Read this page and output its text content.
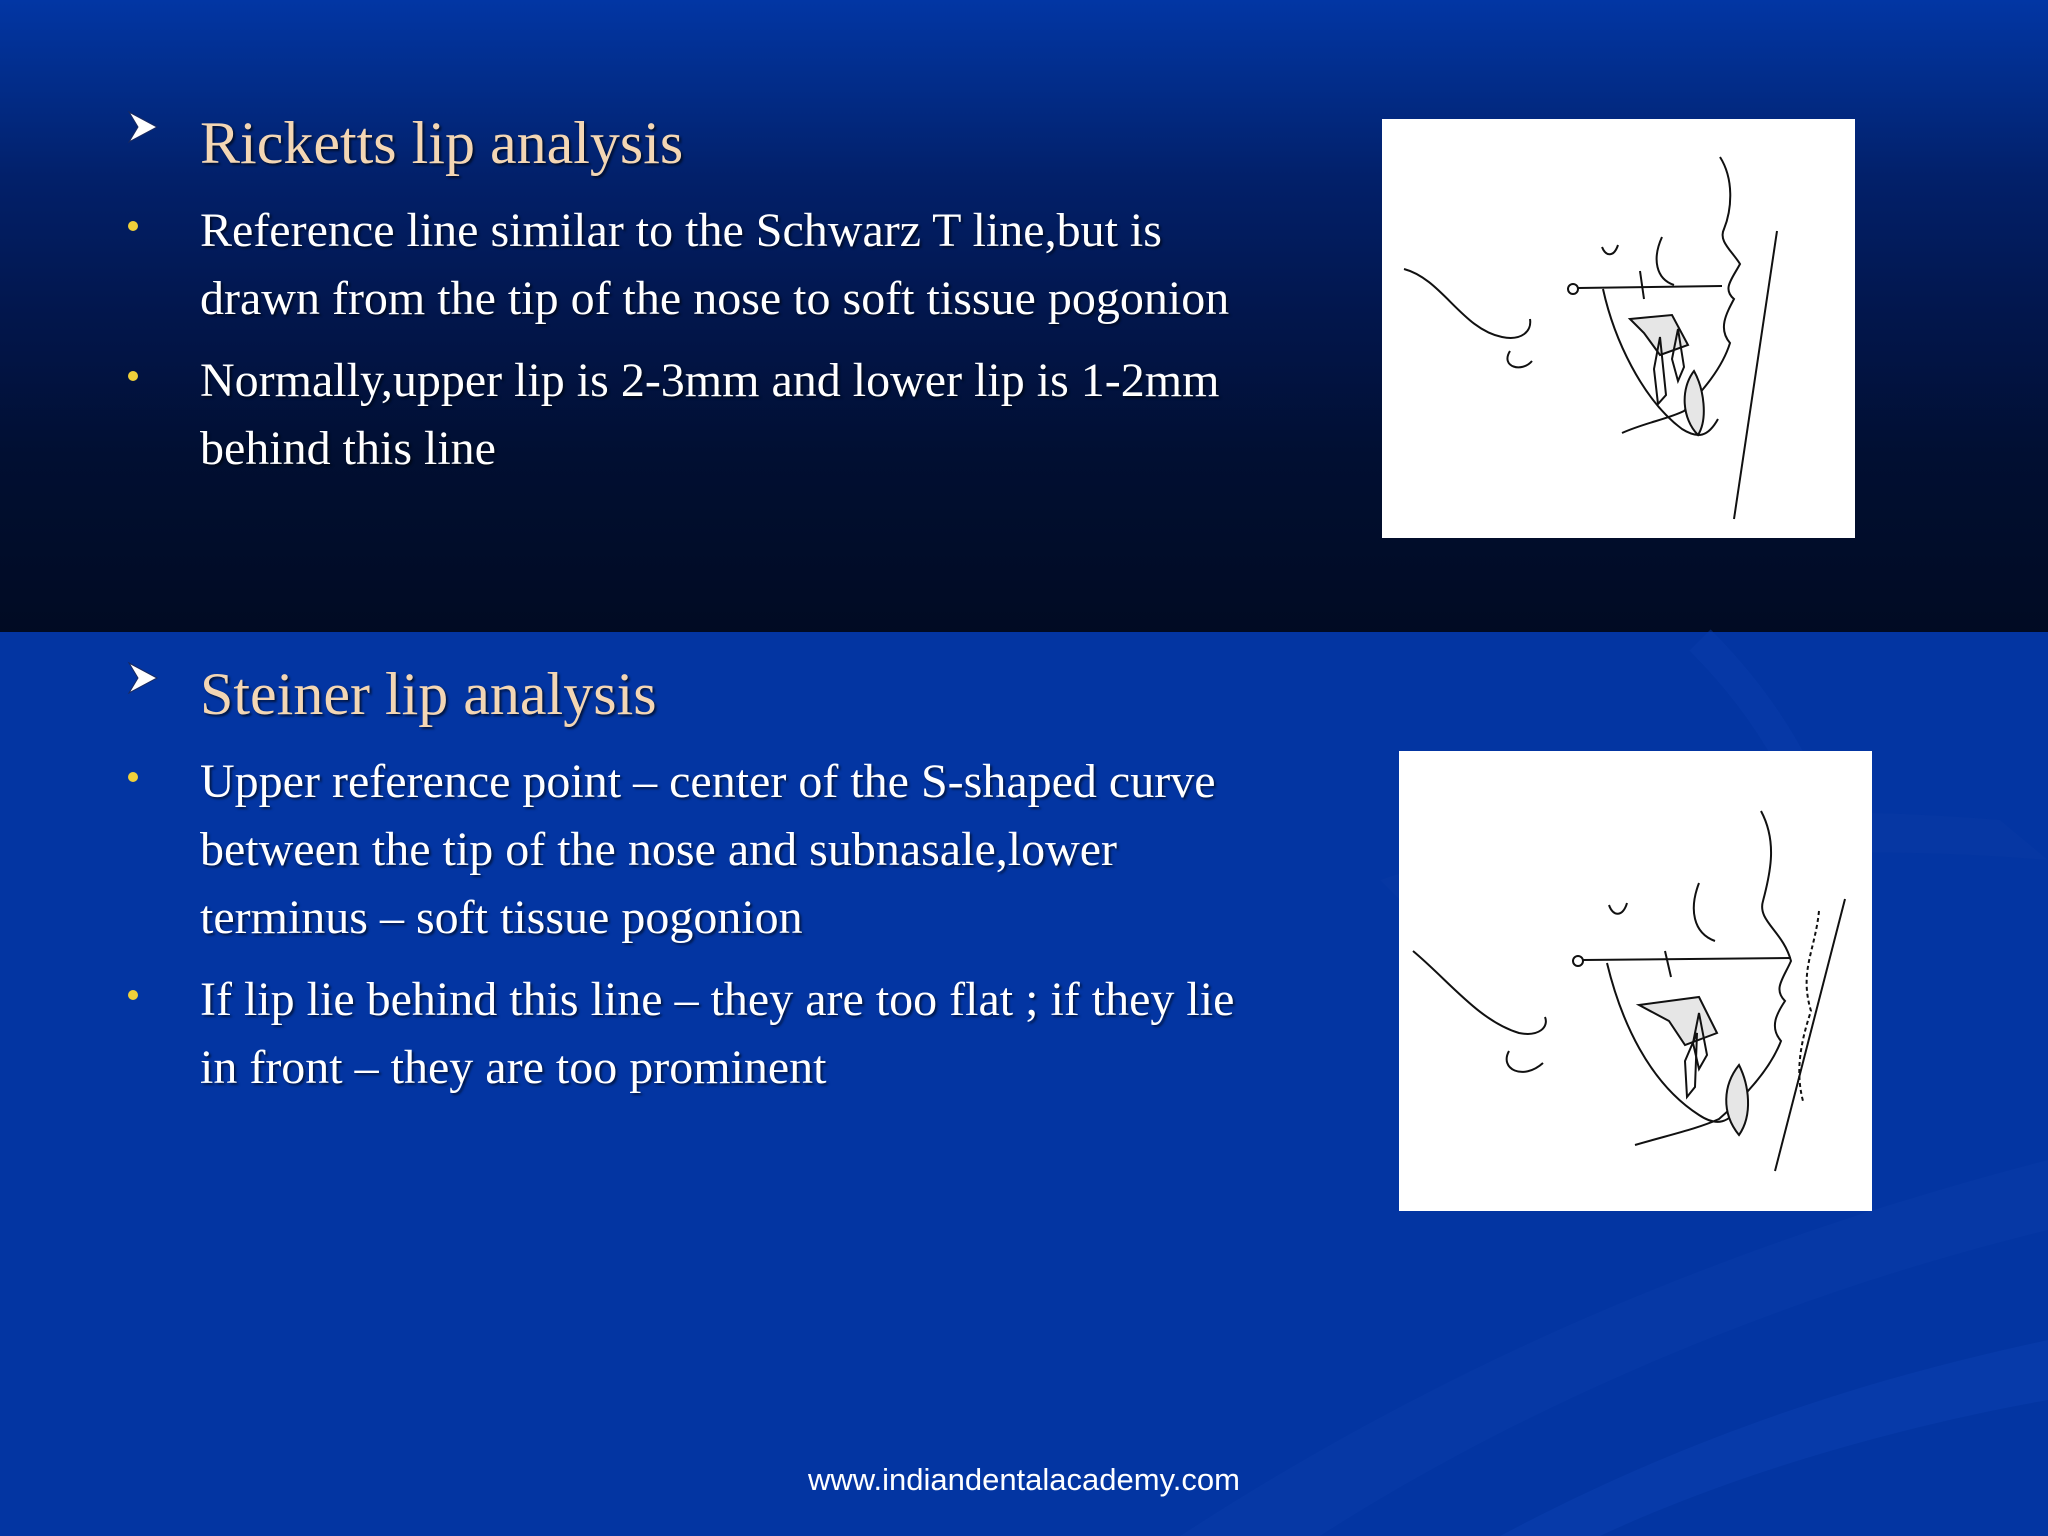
Ricketts lip analysis
Reference line similar to the Schwarz T line,but is drawn from the tip of the nose to soft tissue pogonion
Normally,upper lip is 2-3mm and lower lip is 1-2mm behind this line
Steiner lip analysis
Upper reference point – center of the S-shaped curve between the tip of the nose and subnasale,lower terminus – soft tissue pogonion
If lip lie behind this line – they are too flat ; if they lie in front – they are too prominent
www.indiandentalacademy.com
